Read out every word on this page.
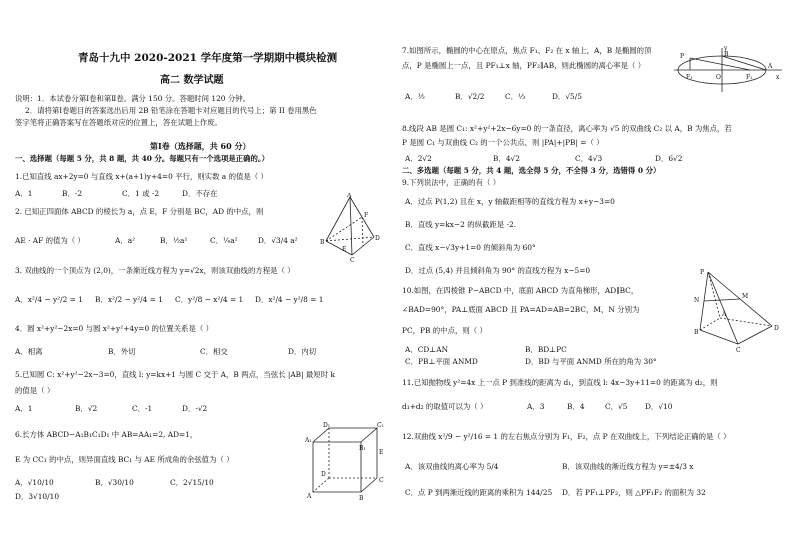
青岛十九中 2020-2021 学年度第一学期期中模块检测
高二 数学试题
说明：1．本试卷分第Ⅰ卷和第Ⅱ卷。满分 150 分。答题时间 120 分钟。
2．请将第Ⅰ卷题目的答案选出后用 2B 铅笔涂在答题卡对应题目的代号上；第 II 卷用黑色
签字笔将正确答案写在答题纸对应的位置上，答在试题上作废。
第Ⅰ卷（选择题，共 60 分）
一、选择题（每题 5 分，共 8 题，共 40 分。每题只有一个选项是正确的。）
1.已知直线 ax+2y=0 与直线 x+(a+1)y+4=0 平行，则实数 a 的值是（ ）
A．1	B．-2	C．1 或 -2	D．不存在
2. 已知正四面体 ABCD 的棱长为 a，点 E，F 分别是 BC，AD 的中点，则
AE · AF 的值为（ ）	A．a²	B．½a²	C．¼a²	D．√3/4 a²
A
B
C
D
E
F
3. 双曲线的一个顶点为 (2,0)，一条渐近线方程为 y=√2x，则该双曲线的方程是（ ）
A．x²/4 − y²/2 = 1 B．x²/2 − y²/4 = 1 C．y²/8 − x²/4 = 1 D．x²/4 − y²/8 = 1
4．圆 x²+y²−2x=0 与圆 x²+y²+4y=0 的位置关系是（ ）
A．相离	B．外切	C．相交	D．内切
5.已知圆 C: x²+y²−2x−3=0，直线 l: y=kx+1 与圆 C 交于 A，B 两点，当弦长 |AB| 最短时 k
的值是（ ）
A．1	B．√2	C．-1	D．-√2
6.长方体 ABCD−A₁B₁C₁D₁ 中 AB=AA₁=2, AD=1，
E 为 CC₁ 的中点，则异面直线 BC₁ 与 AE 所成角的余弦值为（ ）
A．√10/10	B．√30/10	C．2√15/10
D．3√10/10	A	B
C
D
A₁
B₁
C₁
D₁
E
7.如图所示，椭圆的中心在原点，焦点 F₁、F₂ 在 x 轴上，A，B 是椭圆的顶
点，P 是椭圆上一点，且 PF₁⊥x 轴，PF₂∥AB，则此椭圆的离心率是（ ）
A．½	B．√2/2	C．⅓	D．√5/5
P
y
B
A
O
F₁	F₂	x
8.线段 AB 是圆 C₁: x²+y²+2x−6y=0 的一条直径，离心率为 √5 的双曲线 C₂ 以 A，B 为焦点，若
P 是圆 C₁ 与双曲线 C₂ 的一个公共点，则 |PA|+|PB| =（ ）
A．2√2	B．4√2	C．4√3	D．6√2
二、多选题（每题 5 分，共 4 题，选全得 5 分，不全得 3 分，选错得 0 分）
9.下列说法中，正确的有（ ）
A．过点 P(1,2) 且在 x，y 轴截距相等的直线方程为 x+y−3=0
B．直线 y=kx−2 的纵截距是 -2.
C．直线 x−√3y+1=0 的倾斜角为 60°
D．过点 (5,4) 并且倾斜角为 90° 的直线方程为 x−5=0
10.如图，在四棱锥 P−ABCD 中，底面 ABCD 为直角梯形，AD∥BC，
∠BAD=90°，PA⊥底面 ABCD 且 PA=AD=AB=2BC，M，N 分别为
PC，PB 的中点，则（ ）
A．CD⊥AN	B．BD⊥PC
C．PB⊥平面 ANMD	D．BD 与平面 ANMD 所在的角为 30°
P
N
M
A
B
C
D
11.已知抛物线 y²=4x 上一点 P 到准线的距离为 d₁，到直线 l: 4x−3y+11=0 的距离为 d₂，则
d₁+d₂ 的取值可以为（ ）	A．3	B．4	C．√5 D．√10
12.双曲线 x²/9 − y²/16 = 1 的左右焦点分别为 F₁，F₂，点 P 在双曲线上，下列结论正确的是（ ）
A．该双曲线的离心率为 5/4	B．该双曲线的渐近线方程为 y=±4/3 x
C．点 P 到两渐近线的距离的乘积为 144/25 D．若 PF₁⊥PF₂，则 △PF₁F₂ 的面积为 32
